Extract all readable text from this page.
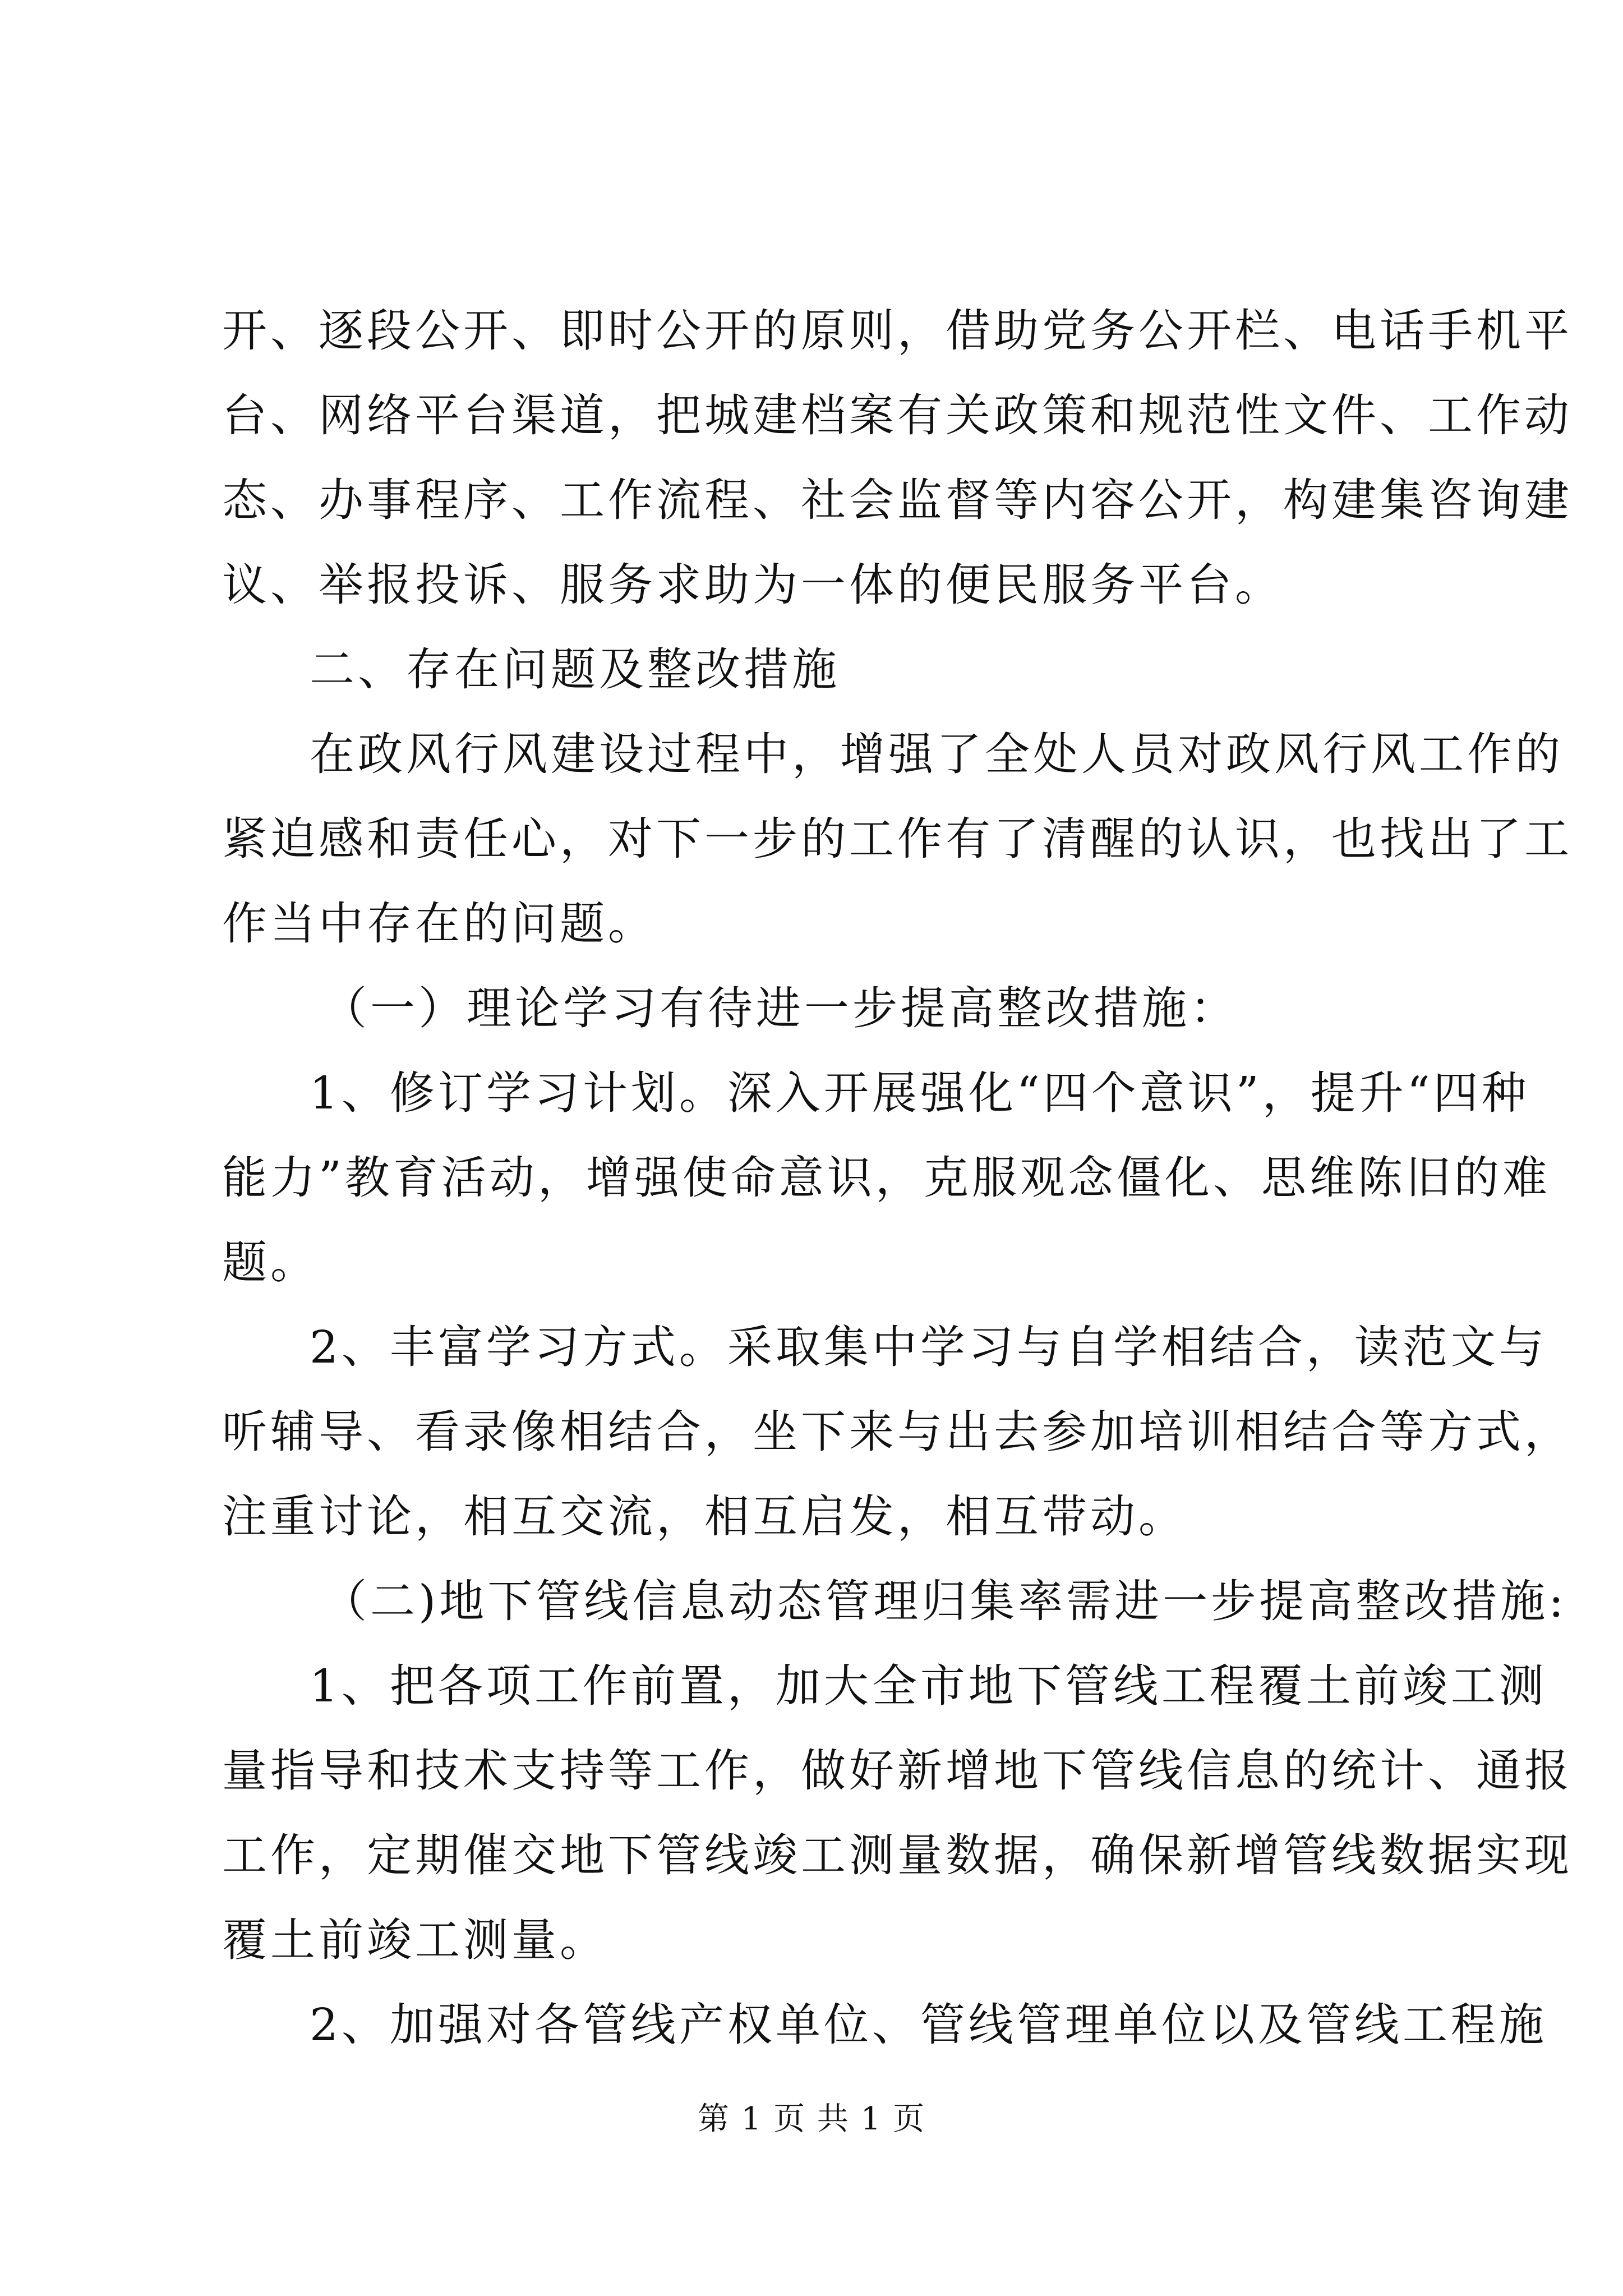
开、逐段公开、即时公开的原则，借助党务公开栏、电话手机平
台、网络平台渠道，把城建档案有关政策和规范性文件、工作动
态、办事程序、工作流程、社会监督等内容公开，构建集咨询建
议、举报投诉、服务求助为一体的便民服务平台。
二、存在问题及整改措施
在政风行风建设过程中，增强了全处人员对政风行风工作的
紧迫感和责任心，对下一步的工作有了清醒的认识，也找出了工
作当中存在的问题。
（一）理论学习有待进一步提高整改措施：
1、修订学习计划。深入开展强化“四个意识”，提升“四种
能力”教育活动，增强使命意识，克服观念僵化、思维陈旧的难
题。
2、丰富学习方式。采取集中学习与自学相结合，读范文与
听辅导、看录像相结合，坐下来与出去参加培训相结合等方式，
注重讨论，相互交流，相互启发，相互带动。
（二)地下管线信息动态管理归集率需进一步提高整改措施:
1、把各项工作前置，加大全市地下管线工程覆土前竣工测
量指导和技术支持等工作，做好新增地下管线信息的统计、通报
工作，定期催交地下管线竣工测量数据，确保新增管线数据实现
覆土前竣工测量。
2、加强对各管线产权单位、管线管理单位以及管线工程施
第 1 页 共 1 页
